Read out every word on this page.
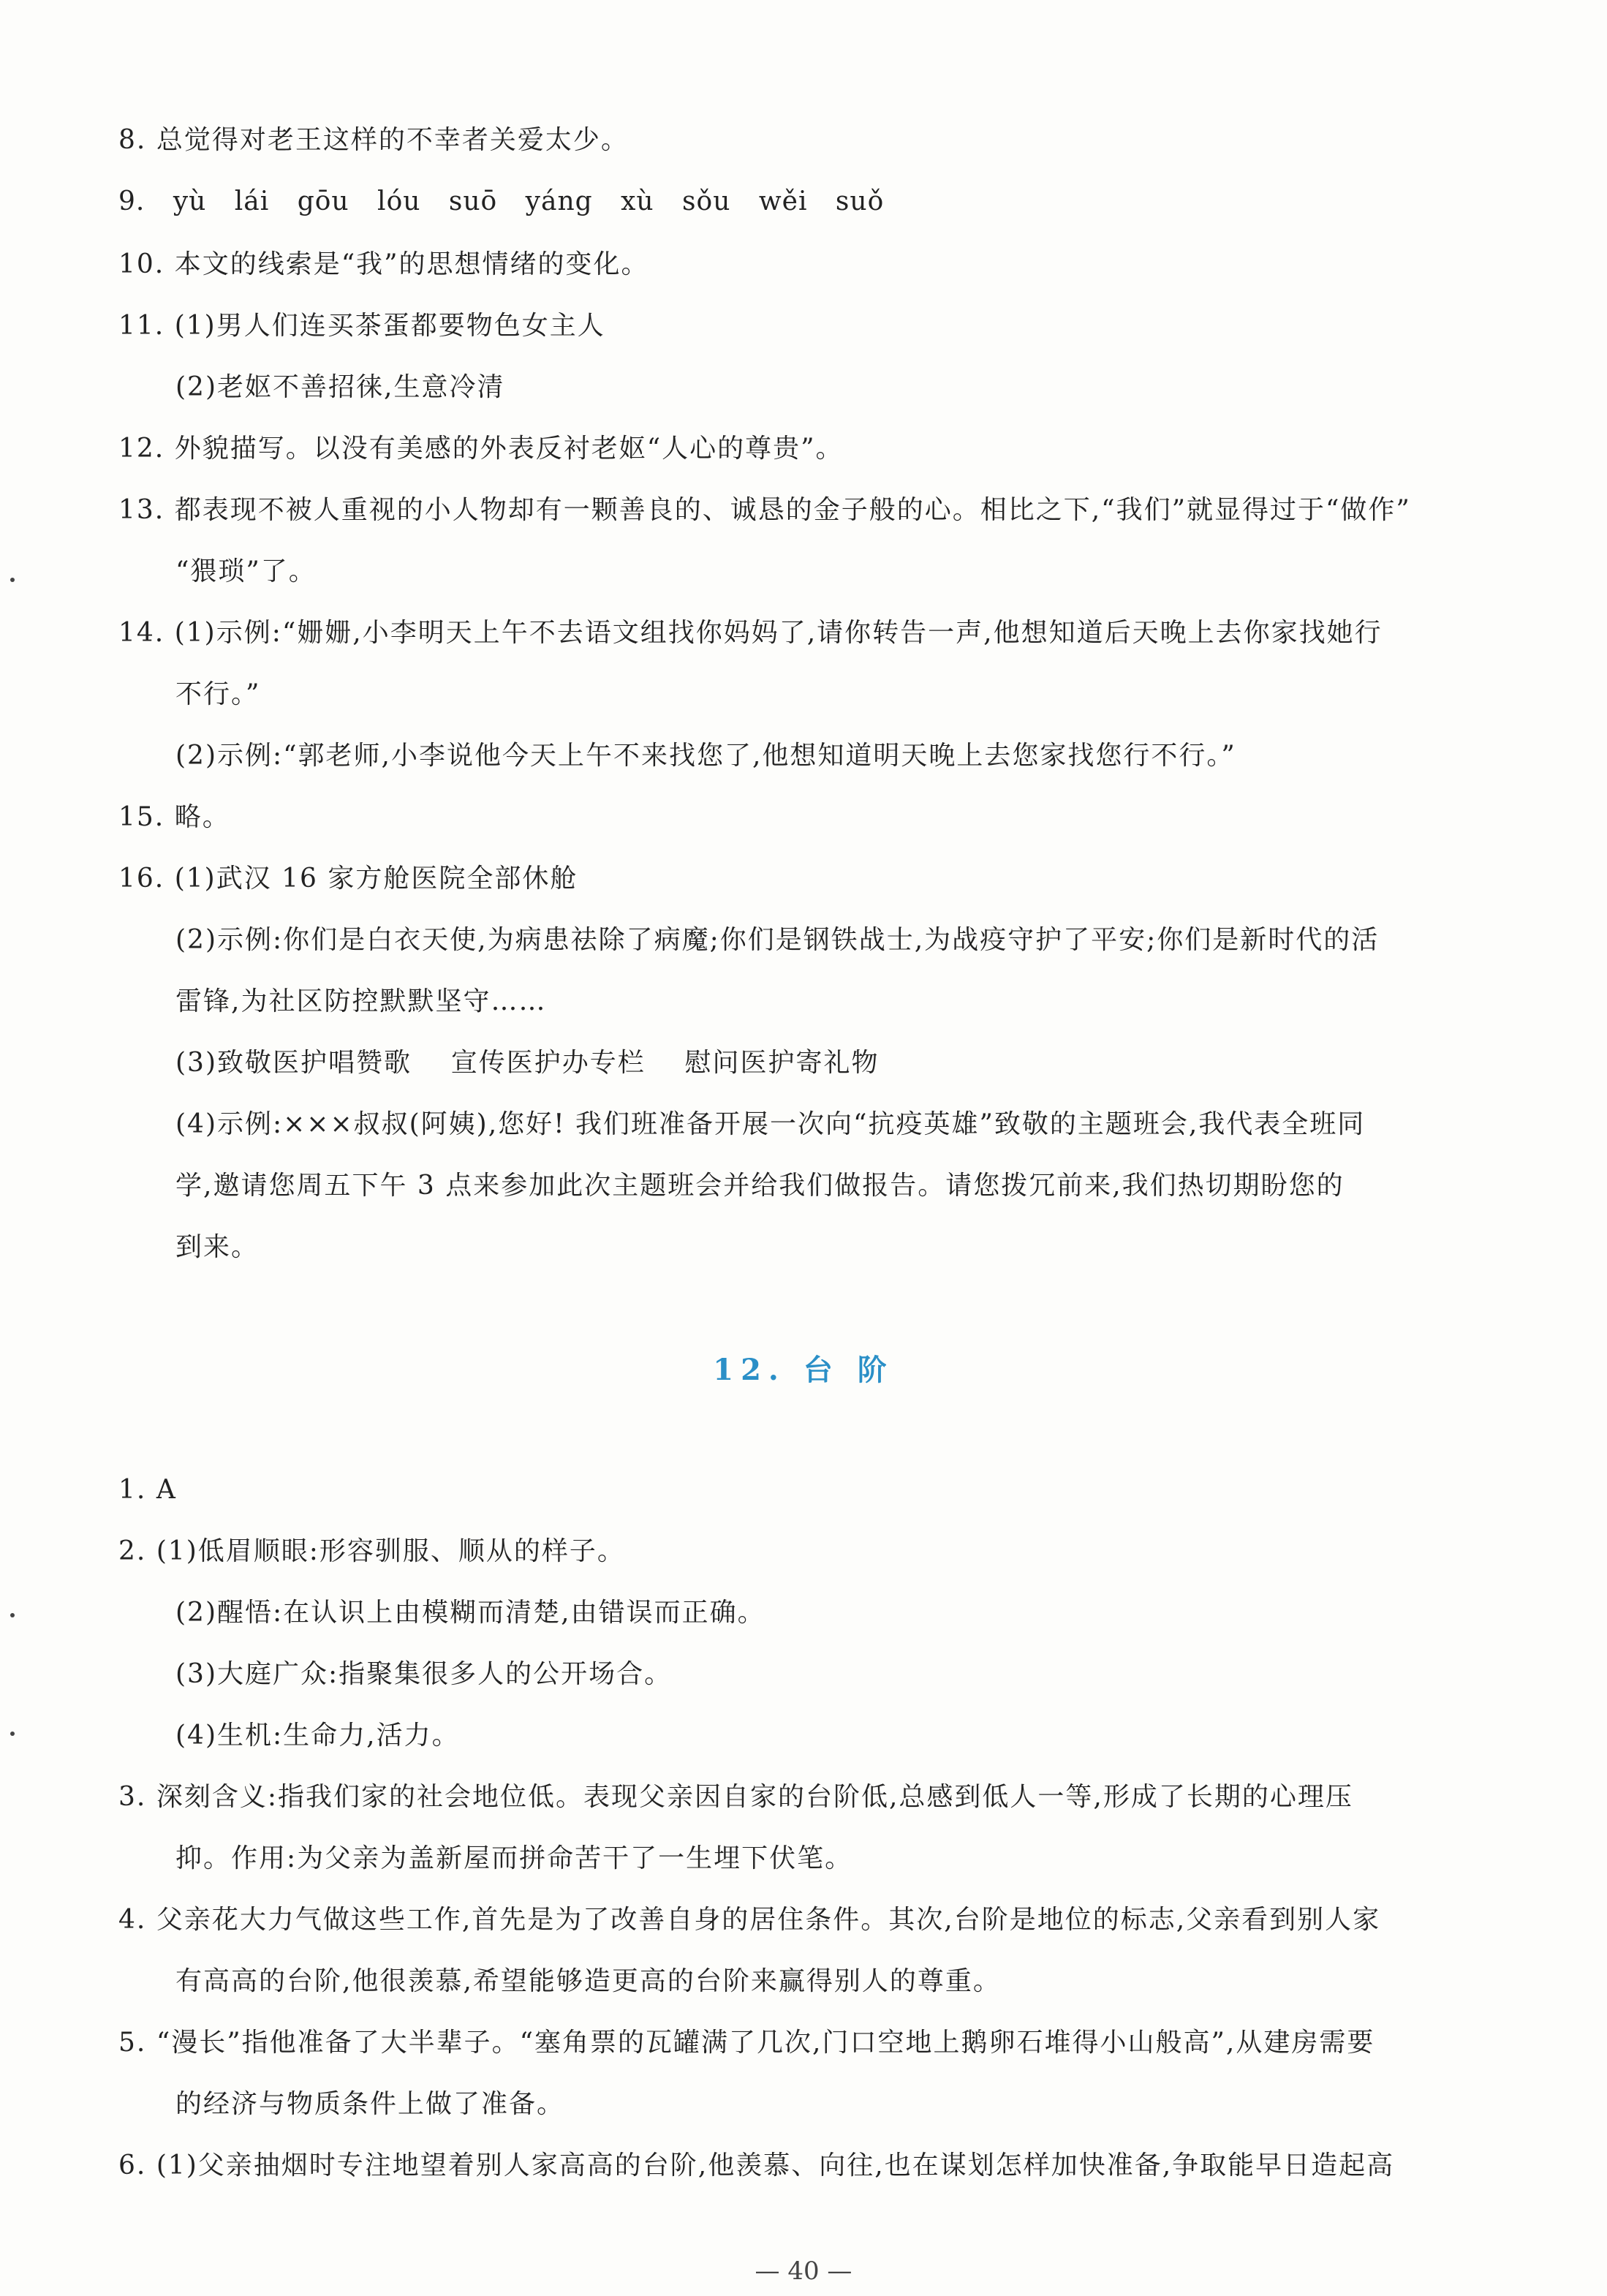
8. 总觉得对老王这样的不幸者关爱太少。
9. yù lái gōu lóu suō yáng xù sǒu wěi suǒ
10. 本文的线索是“我”的思想情绪的变化。
11. (1)男人们连买茶蛋都要物色女主人
(2)老妪不善招徕,生意冷清
12. 外貌描写。以没有美感的外表反衬老妪“人心的尊贵”。
13. 都表现不被人重视的小人物却有一颗善良的、诚恳的金子般的心。相比之下,“我们”就显得过于“做作”
“猥琐”了。
14. (1)示例:“姗姗,小李明天上午不去语文组找你妈妈了,请你转告一声,他想知道后天晚上去你家找她行
不行。”
(2)示例:“郭老师,小李说他今天上午不来找您了,他想知道明天晚上去您家找您行不行。”
15. 略。
16. (1)武汉 16 家方舱医院全部休舱
(2)示例:你们是白衣天使,为病患祛除了病魔;你们是钢铁战士,为战疫守护了平安;你们是新时代的活
雷锋,为社区防控默默坚守……
(3)致敬医护唱赞歌    宣传医护办专栏    慰问医护寄礼物
(4)示例:×××叔叔(阿姨),您好! 我们班准备开展一次向“抗疫英雄”致敬的主题班会,我代表全班同
学,邀请您周五下午 3 点来参加此次主题班会并给我们做报告。请您拨冗前来,我们热切期盼您的
到来。
12. 台 阶
1. A
2. (1)低眉顺眼:形容驯服、顺从的样子。
(2)醒悟:在认识上由模糊而清楚,由错误而正确。
(3)大庭广众:指聚集很多人的公开场合。
(4)生机:生命力,活力。
3. 深刻含义:指我们家的社会地位低。表现父亲因自家的台阶低,总感到低人一等,形成了长期的心理压
抑。作用:为父亲为盖新屋而拼命苦干了一生埋下伏笔。
4. 父亲花大力气做这些工作,首先是为了改善自身的居住条件。其次,台阶是地位的标志,父亲看到别人家
有高高的台阶,他很羡慕,希望能够造更高的台阶来赢得别人的尊重。
5. “漫长”指他准备了大半辈子。“塞角票的瓦罐满了几次,门口空地上鹅卵石堆得小山般高”,从建房需要
的经济与物质条件上做了准备。
6. (1)父亲抽烟时专注地望着别人家高高的台阶,他羡慕、向往,也在谋划怎样加快准备,争取能早日造起高
— 40 —
